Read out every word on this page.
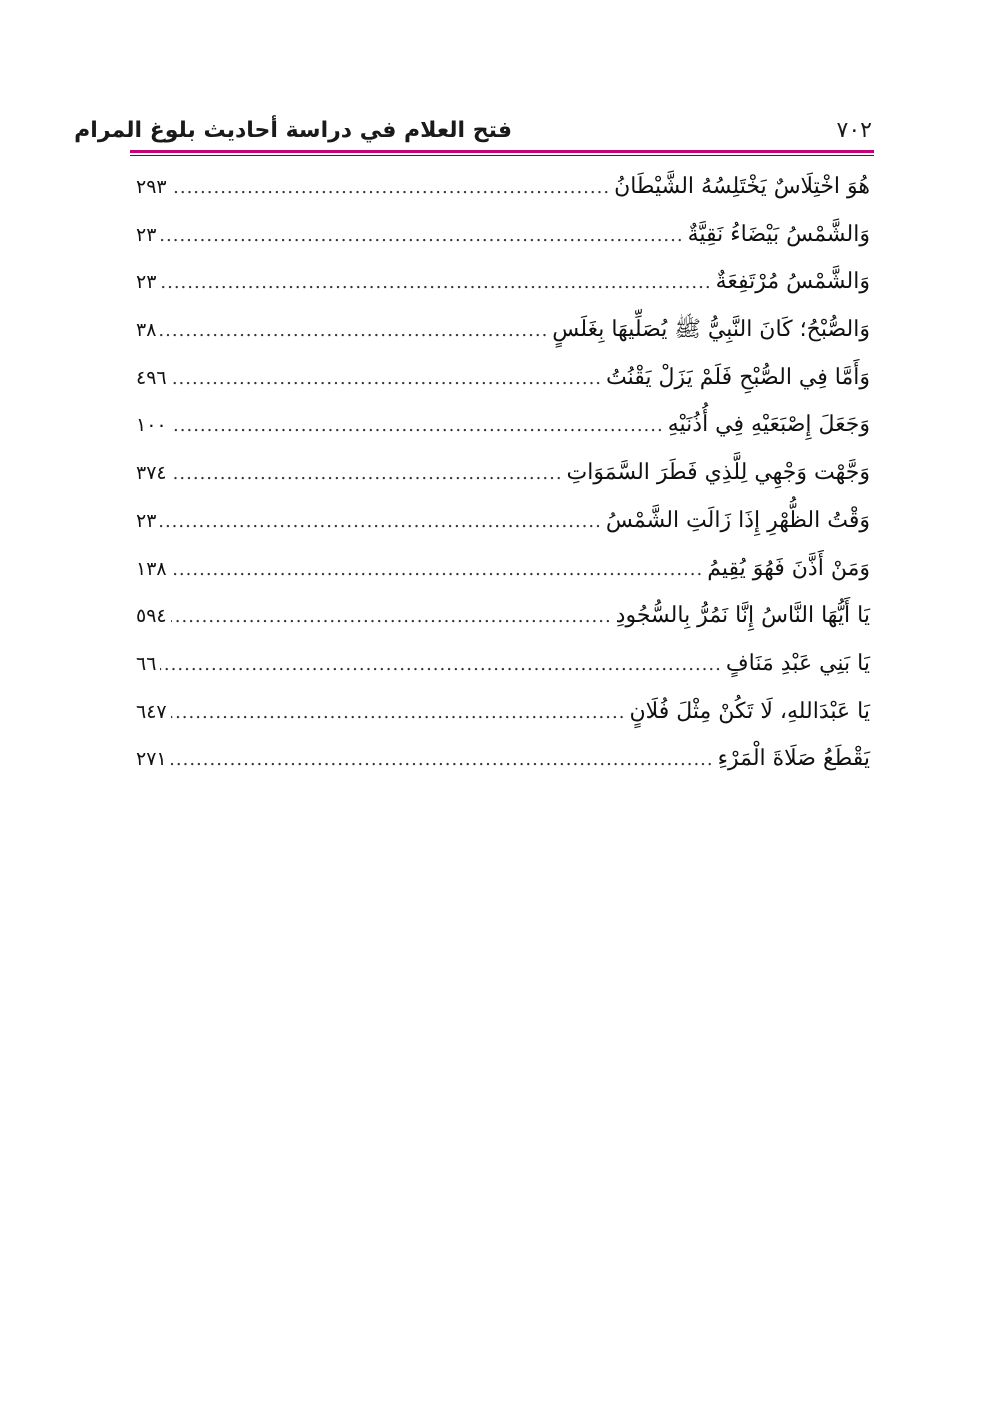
فتح العلام في دراسة أحاديث بلوغ المرام	٧٠٢
هُوَ اخْتِلَاسٌ يَخْتَلِسُهُ الشَّيْطَانُ
.....
٢٩٣
وَالشَّمْسُ بَيْضَاءُ نَقِيَّةٌ
.....
٢٣
وَالشَّمْسُ مُرْتَفِعَةٌ
.....
٢٣
وَالصُّبْحُ؛ كَانَ النَّبِيُّ ﷺ يُصَلِّيهَا بِغَلَسٍ
.....
٣٨
وَأَمَّا فِي الصُّبْحِ فَلَمْ يَزَلْ يَقْنُتُ
.....
٤٩٦
وَجَعَلَ إِصْبَعَيْهِ فِي أُذُنَيْهِ
.....
١٠٠
وَجَّهْت وَجْهِي لِلَّذِي فَطَرَ السَّمَوَاتِ
.....
٣٧٤
وَقْتُ الظُّهْرِ إِذَا زَالَتِ الشَّمْسُ
.....
٢٣
وَمَنْ أَذَّنَ فَهُوَ يُقِيمُ
.....
١٣٨
يَا أَيُّهَا النَّاسُ إِنَّا نَمُرُّ بِالسُّجُودِ
.....
٥٩٤
يَا بَنِي عَبْدِ مَنَافٍ
.....
٦٦
يَا عَبْدَاللهِ، لَا تَكُنْ مِثْلَ فُلَانٍ
.....
٦٤٧
يَقْطَعُ صَلَاةَ الْمَرْءِ
.....
٢٧١
